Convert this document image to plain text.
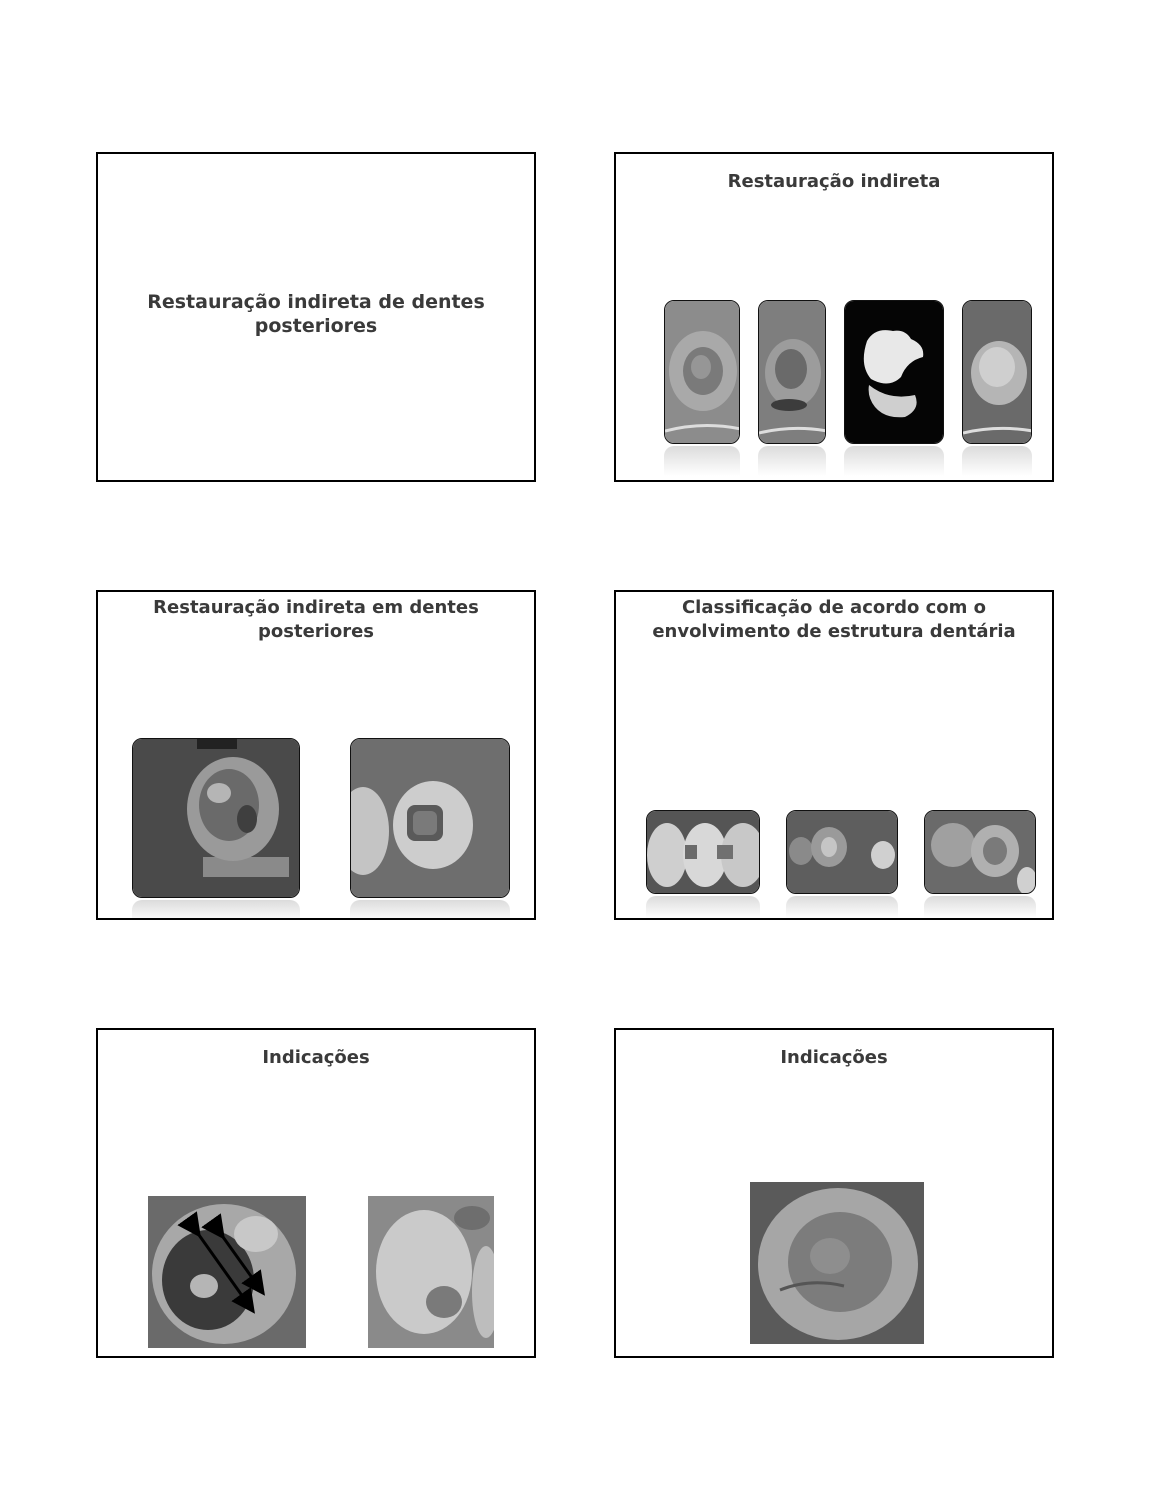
Restauração indireta de dentes
posteriores
Restauração indireta
Restauração indireta em dentes
posteriores
Classificação de acordo com o
envolvimento de estrutura dentária
Indicações	Indicações
